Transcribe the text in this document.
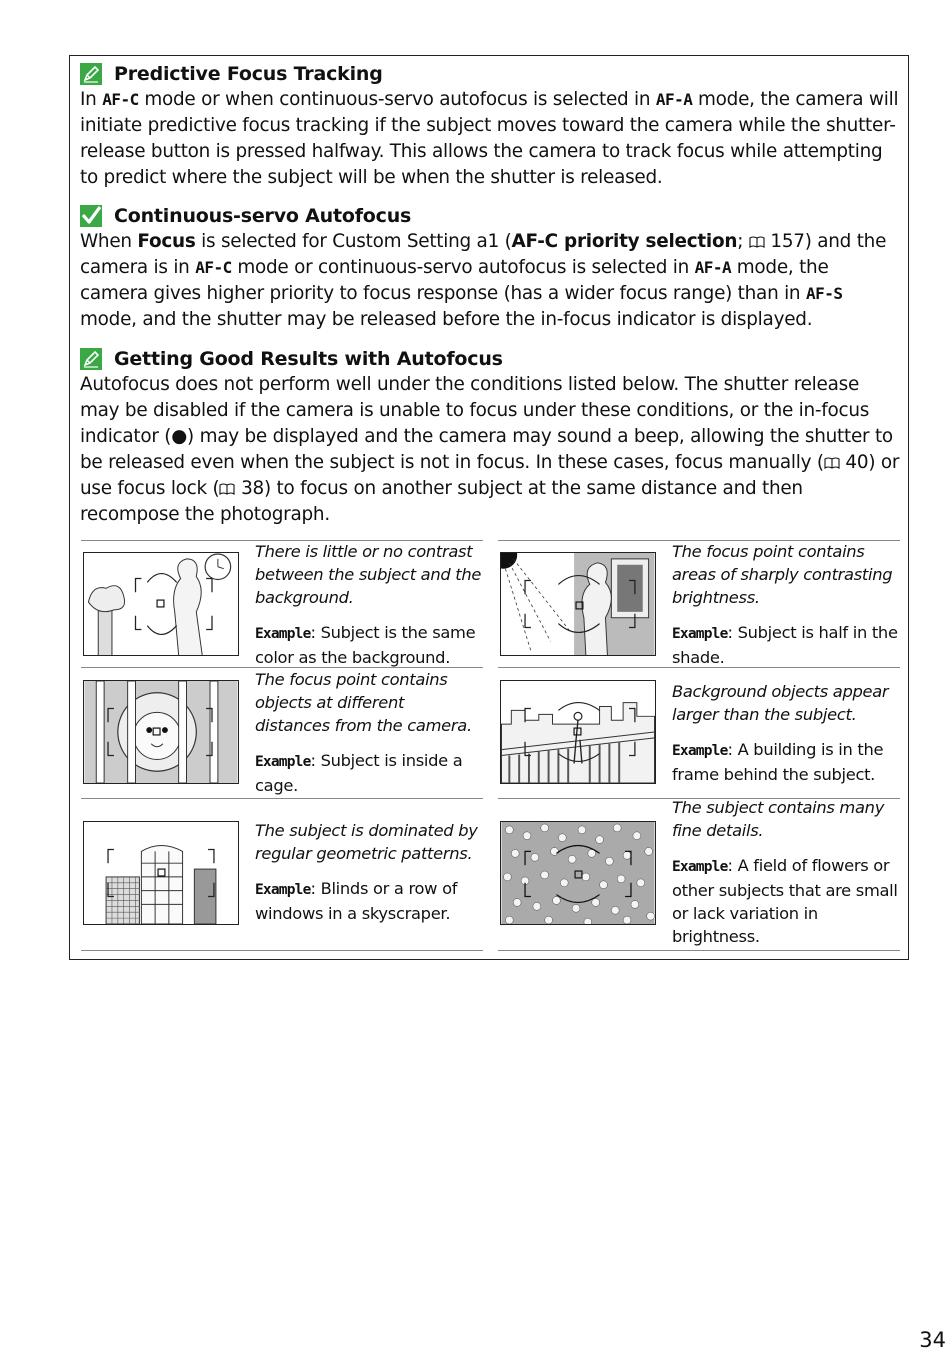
Predictive Focus Tracking

In AF-C mode or when continuous-servo autofocus is selected in AF-A mode, the camera will initiate predictive focus tracking if the subject moves toward the camera while the shutter-release button is pressed halfway. This allows the camera to track focus while attempting to predict where the subject will be when the shutter is released.

Continuous-servo Autofocus

When Focus is selected for Custom Setting a1 (AF-C priority selection;  157) and the camera is in AF-C mode or continuous-servo autofocus is selected in AF-A mode, the camera gives higher priority to focus response (has a wider focus range) than in AF-S mode, and the shutter may be released before the in-focus indicator is displayed.

Getting Good Results with Autofocus

Autofocus does not perform well under the conditions listed below. The shutter release may be disabled if the camera is unable to focus under these conditions, or the in-focus indicator (●) may be displayed and the camera may sound a beep, allowing the shutter to be released even when the subject is not in focus. In these cases, focus manually ( 40) or use focus lock ( 38) to focus on another subject at the same distance and then recompose the photograph.

There is little or no contrast between the subject and the background.

Example: Subject is the same color as the background.

The focus point contains areas of sharply contrasting brightness.

Example: Subject is half in the shade.

The focus point contains objects at different distances from the camera.

Example: Subject is inside a cage.

Background objects appear larger than the subject.

Example: A building is in the frame behind the subject.

The subject is dominated by regular geometric patterns.

Example: Blinds or a row of windows in a skyscraper.

The subject contains many fine details.

Example: A field of flowers or other subjects that are small or lack variation in brightness.

34
